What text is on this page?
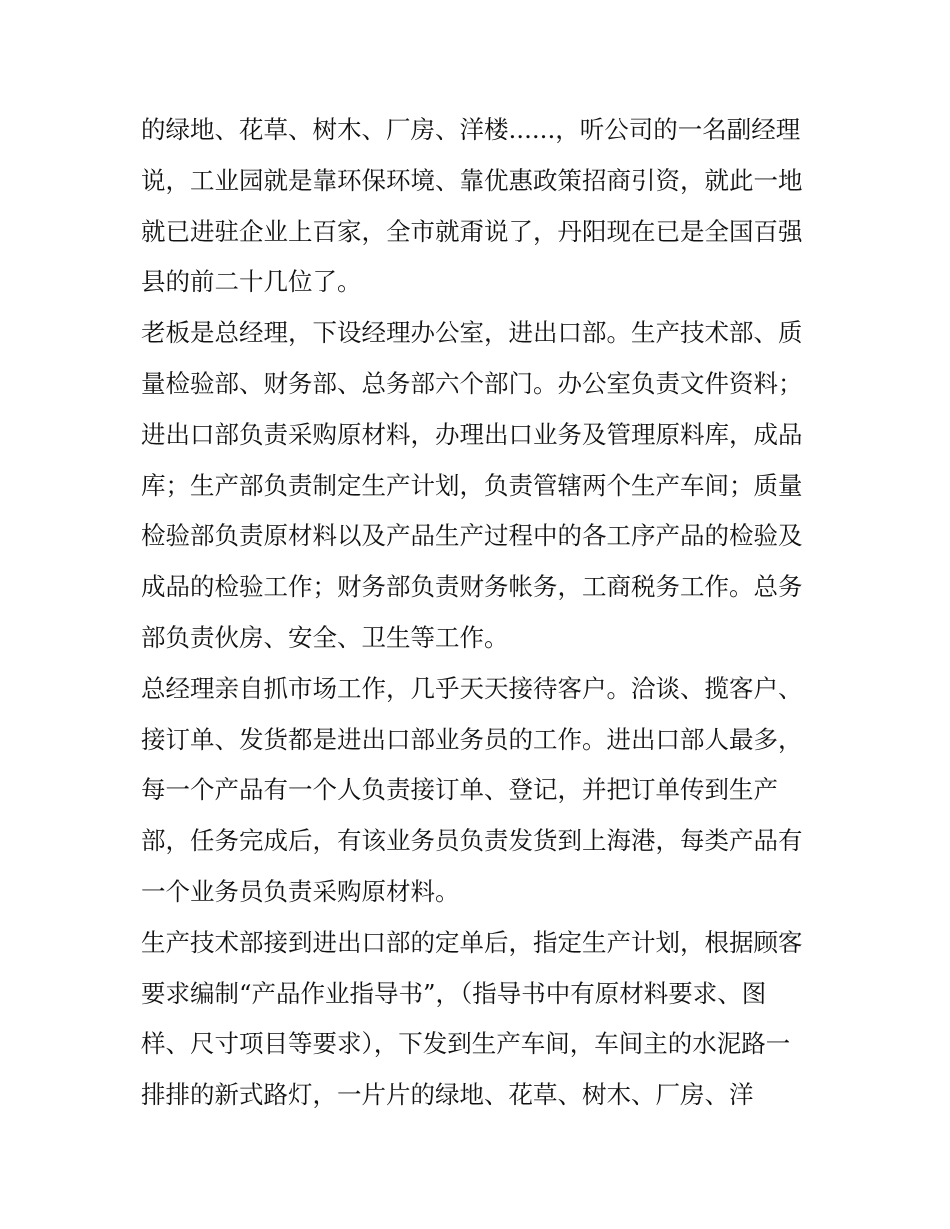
的绿地、花草、树木、厂房、洋楼......，听公司的一名副经理
说，工业园就是靠环保环境、靠优惠政策招商引资，就此一地
就已进驻企业上百家，全市就甭说了，丹阳现在已是全国百强
县的前二十几位了。
老板是总经理，下设经理办公室，进出口部。生产技术部、质
量检验部、财务部、总务部六个部门。办公室负责文件资料；
进出口部负责采购原材料，办理出口业务及管理原料库，成品
库；生产部负责制定生产计划，负责管辖两个生产车间；质量
检验部负责原材料以及产品生产过程中的各工序产品的检验及
成品的检验工作；财务部负责财务帐务，工商税务工作。总务
部负责伙房、安全、卫生等工作。
总经理亲自抓市场工作，几乎天天接待客户。洽谈、揽客户、
接订单、发货都是进出口部业务员的工作。进出口部人最多，
每一个产品有一个人负责接订单、登记，并把订单传到生产
部，任务完成后，有该业务员负责发货到上海港，每类产品有
一个业务员负责采购原材料。
生产技术部接到进出口部的定单后，指定生产计划，根据顾客
要求编制“产品作业指导书”，（指导书中有原材料要求、图
样、尺寸项目等要求），下发到生产车间，车间主的水泥路一
排排的新式路灯，一片片的绿地、花草、树木、厂房、洋
